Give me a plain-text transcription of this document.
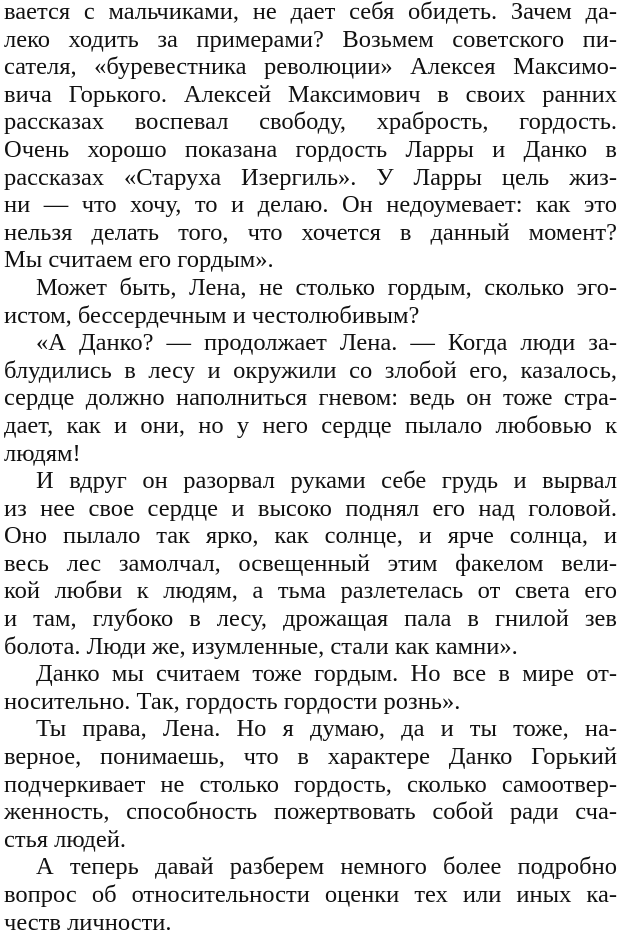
вается с мальчиками, не дает себя обидеть. Зачем да-
леко ходить за примерами? Возьмем советского пи-
сателя, «буревестника революции» Алексея Максимо-
вича Горького. Алексей Максимович в своих ранних
рассказах воспевал свободу, храбрость, гордость.
Очень хорошо показана гордость Ларры и Данко в
рассказах «Старуха Изергиль». У Ларры цель жиз-
ни — что хочу, то и делаю. Он недоумевает: как это
нельзя делать того, что хочется в данный момент?
Мы считаем его гордым».
Может быть, Лена, не столько гордым, сколько эго-
истом, бессердечным и честолюбивым?
«А Данко? — продолжает Лена. — Когда люди за-
блудились в лесу и окружили со злобой его, казалось,
сердце должно наполниться гневом: ведь он тоже стра-
дает, как и они, но у него сердце пылало любовью к
людям!
И вдруг он разорвал руками себе грудь и вырвал
из нее свое сердце и высоко поднял его над головой.
Оно пылало так ярко, как солнце, и ярче солнца, и
весь лес замолчал, освещенный этим факелом вели-
кой любви к людям, а тьма разлетелась от света его
и там, глубоко в лесу, дрожащая пала в гнилой зев
болота. Люди же, изумленные, стали как камни».
Данко мы считаем тоже гордым. Но все в мире от-
носительно. Так, гордость гордости рознь».
Ты права, Лена. Но я думаю, да и ты тоже, на-
верное, понимаешь, что в характере Данко Горький
подчеркивает не столько гордость, сколько самоотвер-
женность, способность пожертвовать собой ради сча-
стья людей.
А теперь давай разберем немного более подробно
вопрос об относительности оценки тех или иных ка-
честв личности.
